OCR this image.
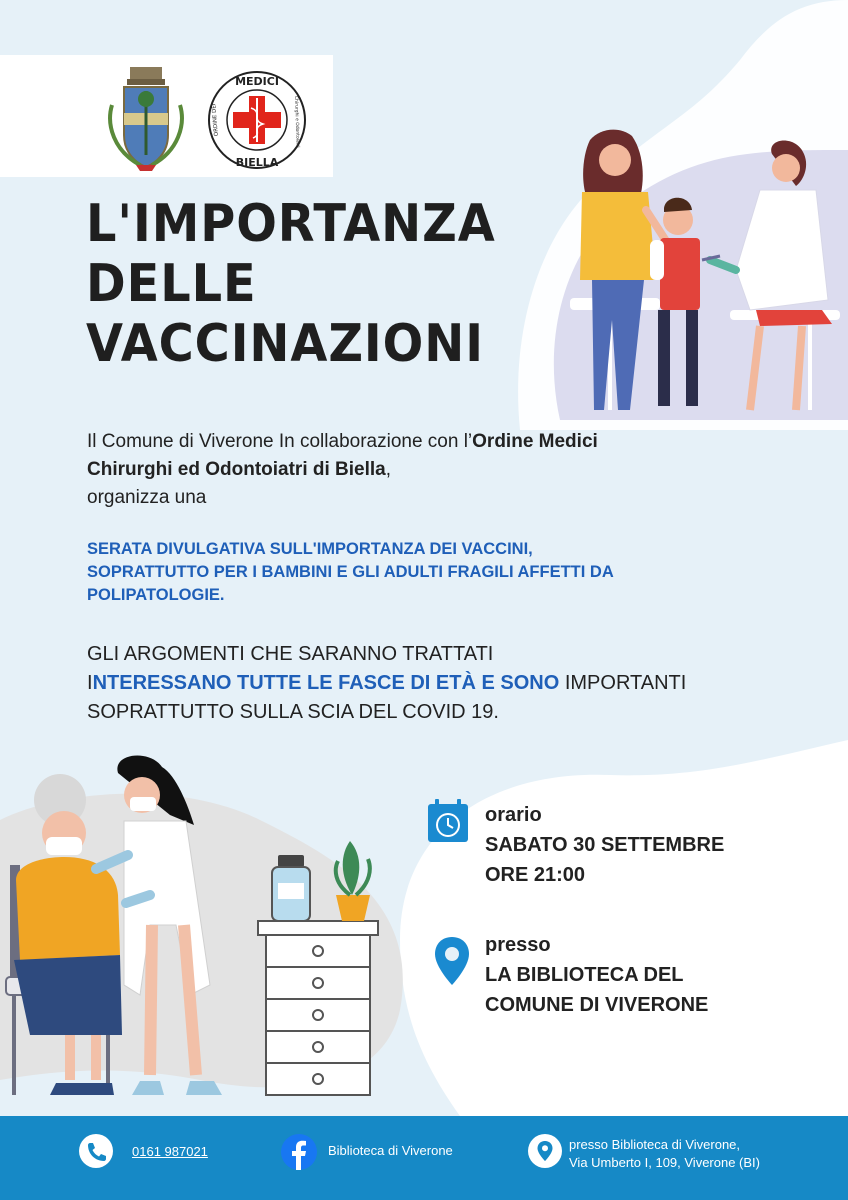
MEDICI
BIELLA
ORDINE DEI	Chirurghi e Odontoiatri
L'IMPORTANZA
DELLE
VACCINAZIONI
Il Comune di Viverone In collaborazione con l’Ordine Medici
Chirurghi ed Odontoiatri di Biella,
organizza una
SERATA DIVULGATIVA SULL'IMPORTANZA DEI VACCINI,
SOPRATTUTTO PER I BAMBINI E GLI ADULTI FRAGILI AFFETTI DA
POLIPATOLOGIE.
GLI ARGOMENTI CHE SARANNO TRATTATI
INTERESSANO TUTTE LE FASCE DI ETÀ E SONO IMPORTANTI
SOPRATTUTTO SULLA SCIA DEL COVID 19.
orario
SABATO 30 SETTEMBRE
ORE 21:00
presso
LA BIBLIOTECA DEL
COMUNE DI VIVERONE
0161 987021	Biblioteca di Viverone	presso Biblioteca di Viverone,
Via Umberto I, 109, Viverone (BI)
